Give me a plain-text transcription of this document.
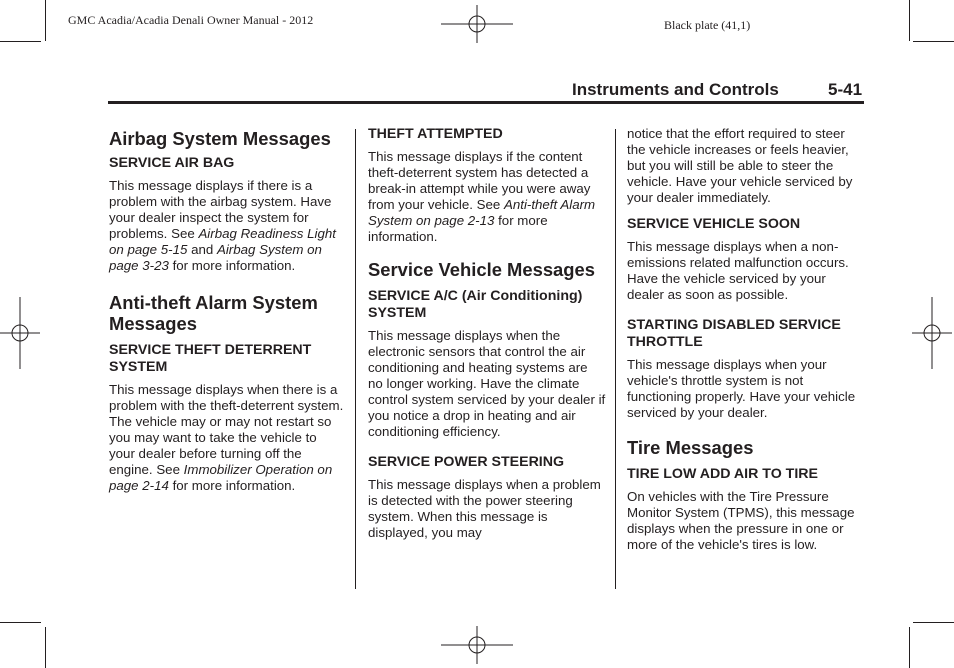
GMC Acadia/Acadia Denali Owner Manual - 2012	Black plate (41,1)
Instruments and Controls	5-41
Airbag System Messages
SERVICE AIR BAG

This message displays if there is a problem with the airbag system. Have your dealer inspect the system for problems. See Airbag Readiness Light on page 5‑15 and Airbag System on page 3‑23 for more information.

Anti-theft Alarm System Messages
SERVICE THEFT DETERRENT SYSTEM

This message displays when there is a problem with the theft-deterrent system. The vehicle may or may not restart so you may want to take the vehicle to your dealer before turning off the engine. See Immobilizer Operation on page 2‑14 for more information.

THEFT ATTEMPTED

This message displays if the content theft-deterrent system has detected a break-in attempt while you were away from your vehicle. See Anti-theft Alarm System on page 2‑13 for more information.

Service Vehicle Messages
SERVICE A/C (Air Conditioning) SYSTEM

This message displays when the electronic sensors that control the air conditioning and heating systems are no longer working. Have the climate control system serviced by your dealer if you notice a drop in heating and air conditioning efficiency.

SERVICE POWER STEERING

This message displays when a problem is detected with the power steering system. When this message is displayed, you may

notice that the effort required to steer the vehicle increases or feels heavier, but you will still be able to steer the vehicle. Have your vehicle serviced by your dealer immediately.

SERVICE VEHICLE SOON

This message displays when a non-emissions related malfunction occurs. Have the vehicle serviced by your dealer as soon as possible.

STARTING DISABLED SERVICE THROTTLE

This message displays when your vehicle's throttle system is not functioning properly. Have your vehicle serviced by your dealer.

Tire Messages
TIRE LOW ADD AIR TO TIRE

On vehicles with the Tire Pressure Monitor System (TPMS), this message displays when the pressure in one or more of the vehicle's tires is low.
